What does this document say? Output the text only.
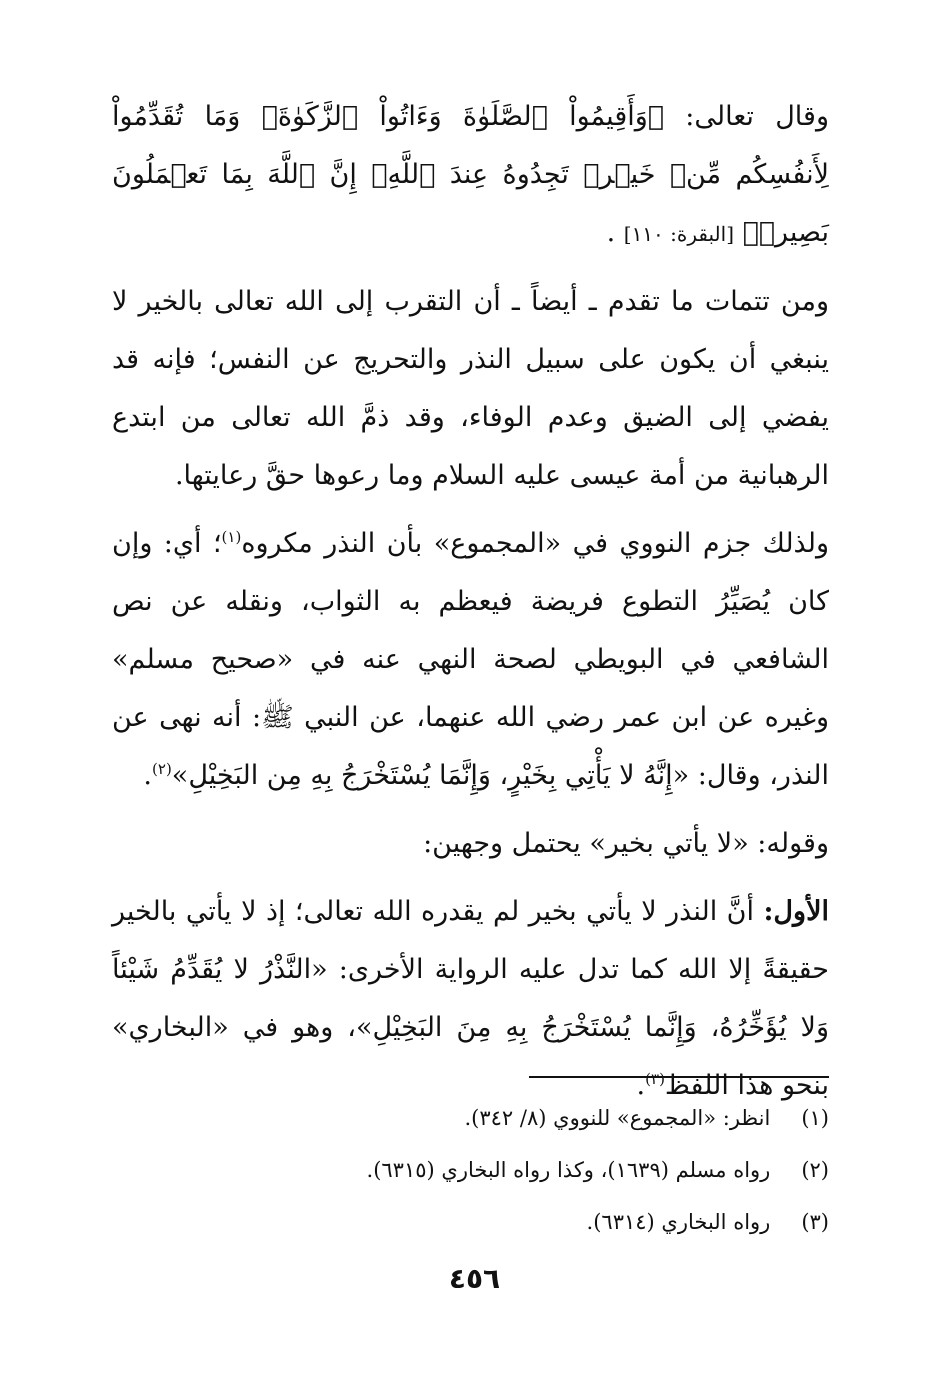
وقال تعالى: ﴿وَأَقِيمُواْ ٱلصَّلَوٰةَ وَءَاتُواْ ٱلزَّكَوٰةَۚ وَمَا تُقَدِّمُواْ لِأَنفُسِكُم مِّنۡ خَيۡرٖ تَجِدُوهُ عِندَ ٱللَّهِۗ إِنَّ ٱللَّهَ بِمَا تَعۡمَلُونَ بَصِيرٞ﴾ [البقرة: ١١٠] .

ومن تتمات ما تقدم ـ أيضاً ـ أن التقرب إلى الله تعالى بالخير لا ينبغي أن يكون على سبيل النذر والتحريج عن النفس؛ فإنه قد يفضي إلى الضيق وعدم الوفاء، وقد ذمَّ الله تعالى من ابتدع الرهبانية من أمة عيسى عليه السلام وما رعوها حقَّ رعايتها.

ولذلك جزم النووي في «المجموع» بأن النذر مكروه$^{(١)}$؛ أي: وإن كان يُصَيِّرُ التطوع فريضة فيعظم به الثواب، ونقله عن نص الشافعي في البويطي لصحة النهي عنه في «صحيح مسلم» وغيره عن ابن عمر رضي الله عنهما، عن النبي ﷺ: أنه نهى عن النذر، وقال: «إِنَّهُ لا يَأْتِي بِخَيْرٍ، وَإِنَّمَا يُسْتَخْرَجُ بِهِ مِن البَخِيْلِ»$^{(٢)}$.

وقوله: «لا يأتي بخير» يحتمل وجهين:

الأول: أنَّ النذر لا يأتي بخير لم يقدره الله تعالى؛ إذ لا يأتي بالخير حقيقةً إلا الله كما تدل عليه الرواية الأخرى: «النَّذْرُ لا يُقَدِّمُ شَيْئاً وَلا يُؤَخِّرُهُ، وَإِنَّما يُسْتَخْرَجُ بِهِ مِنَ البَخِيْلِ»، وهو في «البخاري» بنحو هذا اللفظ$^{(٣)}$.

(١) انظر: «المجموع» للنووي (٨/ ٣٤٢).

(٢) رواه مسلم (١٦٣٩)، وكذا رواه البخاري (٦٣١٥).

(٣) رواه البخاري (٦٣١٤).

٤٥٦
